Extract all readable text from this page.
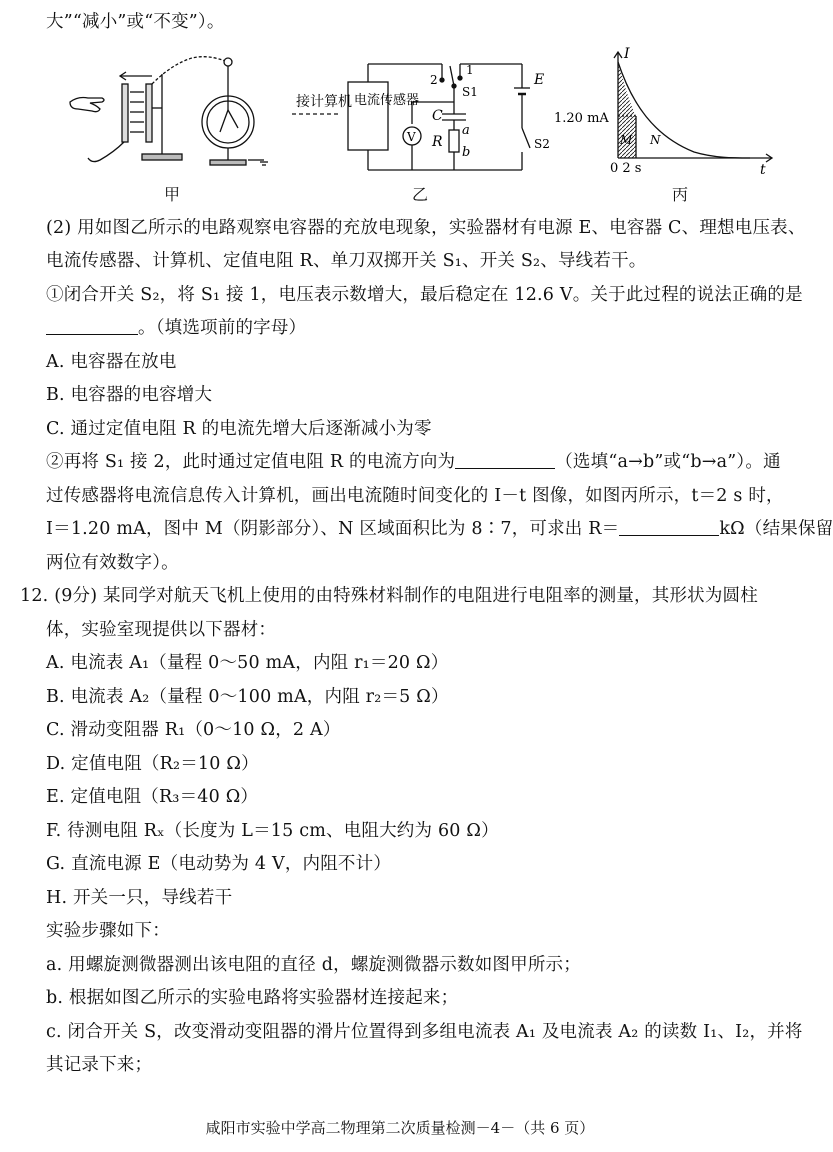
大”“减小”或“不变”）。
甲
接计算机 电流传感器
V
C
R
a
b
E
S1
S2
1
2
乙
I
t
1.20 mA
0 2 s
M N
丙
(2) 用如图乙所示的电路观察电容器的充放电现象，实验器材有电源 E、电容器 C、理想电压表、
电流传感器、计算机、定值电阻 R、单刀双掷开关 S₁、开关 S₂、导线若干。
①闭合开关 S₂，将 S₁ 接 1，电压表示数增大，最后稳定在 12.6 V。关于此过程的说法正确的是
。（填选项前的字母）
A. 电容器在放电
B. 电容器的电容增大
C. 通过定值电阻 R 的电流先增大后逐渐减小为零
②再将 S₁ 接 2，此时通过定值电阻 R 的电流方向为	（选填“a→b”或“b→a”）。通
过传感器将电流信息传入计算机，画出电流随时间变化的 I－t 图像，如图丙所示，t＝2 s 时，
I＝1.20 mA，图中 M（阴影部分）、N 区域面积比为 8∶7，可求出 R＝	kΩ（结果保留
两位有效数字）。
12. (9分) 某同学对航天飞机上使用的由特殊材料制作的电阻进行电阻率的测量，其形状为圆柱
体，实验室现提供以下器材：
A. 电流表 A₁（量程 0～50 mA，内阻 r₁＝20 Ω）
B. 电流表 A₂（量程 0～100 mA，内阻 r₂＝5 Ω）
C. 滑动变阻器 R₁（0～10 Ω，2 A）
D. 定值电阻（R₂＝10 Ω）
E. 定值电阻（R₃＝40 Ω）
F. 待测电阻 Rₓ（长度为 L＝15 cm、电阻大约为 60 Ω）
G. 直流电源 E（电动势为 4 V，内阻不计）
H. 开关一只，导线若干
实验步骤如下：
a. 用螺旋测微器测出该电阻的直径 d，螺旋测微器示数如图甲所示；
b. 根据如图乙所示的实验电路将实验器材连接起来；
c. 闭合开关 S，改变滑动变阻器的滑片位置得到多组电流表 A₁ 及电流表 A₂ 的读数 I₁、I₂，并将
其记录下来；
咸阳市实验中学高二物理第二次质量检测－4－（共 6 页）
